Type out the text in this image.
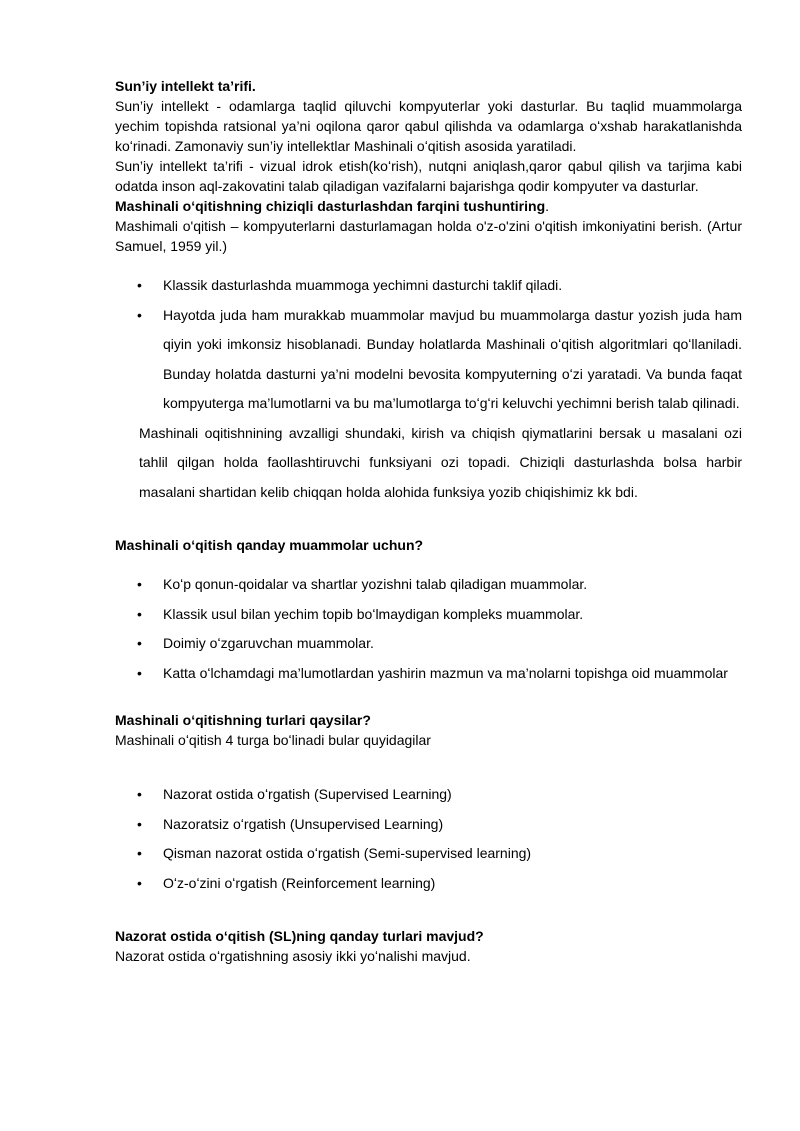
Sun’iy intellekt ta’rifi.

Sun’iy intellekt - odamlarga taqlid qiluvchi kompyuterlar yoki dasturlar. Bu taqlid muammolarga yechim topishda ratsional ya’ni oqilona qaror qabul qilishda va odamlarga oʻxshab harakatlanishda koʻrinadi. Zamonaviy sun’iy intellektlar Mashinali oʻqitish asosida yaratiladi.

Sun’iy intellekt ta’rifi - vizual idrok etish(koʻrish), nutqni aniqlash,qaror qabul qilish va tarjima kabi odatda inson aql-zakovatini talab qiladigan vazifalarni bajarishga qodir kompyuter va dasturlar.

Mashinali oʻqitishning chiziqli dasturlashdan farqini tushuntiring.

Mashimali o'qitish – kompyuterlarni dasturlamagan holda o'z-o'zini o'qitish imkoniyatini berish. (Artur Samuel, 1959 yil.)

• Klassik dasturlashda muammoga yechimni dasturchi taklif qiladi.
• Hayotda juda ham murakkab muammolar mavjud bu muammolarga dastur yozish juda ham qiyin yoki imkonsiz hisoblanadi. Bunday holatlarda Mashinali oʻqitish algoritmlari qoʻllaniladi. Bunday holatda dasturni ya’ni modelni bevosita kompyuterning oʻzi yaratadi. Va bunda faqat kompyuterga ma’lumotlarni va bu ma’lumotlarga toʻgʻri keluvchi yechimni berish talab qilinadi.

Mashinali oqitishnining avzalligi shundaki, kirish va chiqish qiymatlarini bersak u masalani ozi tahlil qilgan holda faollashtiruvchi funksiyani ozi topadi. Chiziqli dasturlashda bolsa harbir masalani shartidan kelib chiqqan holda alohida funksiya yozib chiqishimiz kk bdi.

Mashinali oʻqitish qanday muammolar uchun?

• Koʻp qonun-qoidalar va shartlar yozishni talab qiladigan muammolar.
• Klassik usul bilan yechim topib boʻlmaydigan kompleks muammolar.
• Doimiy oʻzgaruvchan muammolar.
• Katta oʻlchamdagi ma’lumotlardan yashirin mazmun va ma’nolarni topishga oid muammolar

Mashinali oʻqitishning turlari qaysilar?

Mashinali oʻqitish 4 turga boʻlinadi bular quyidagilar

• Nazorat ostida oʻrgatish (Supervised Learning)
• Nazoratsiz oʻrgatish (Unsupervised Learning)
• Qisman nazorat ostida oʻrgatish (Semi-supervised learning)
• Oʻz-oʻzini oʻrgatish (Reinforcement learning)

Nazorat ostida oʻqitish (SL)ning qanday turlari mavjud?

Nazorat ostida oʻrgatishning asosiy ikki yoʻnalishi mavjud.
